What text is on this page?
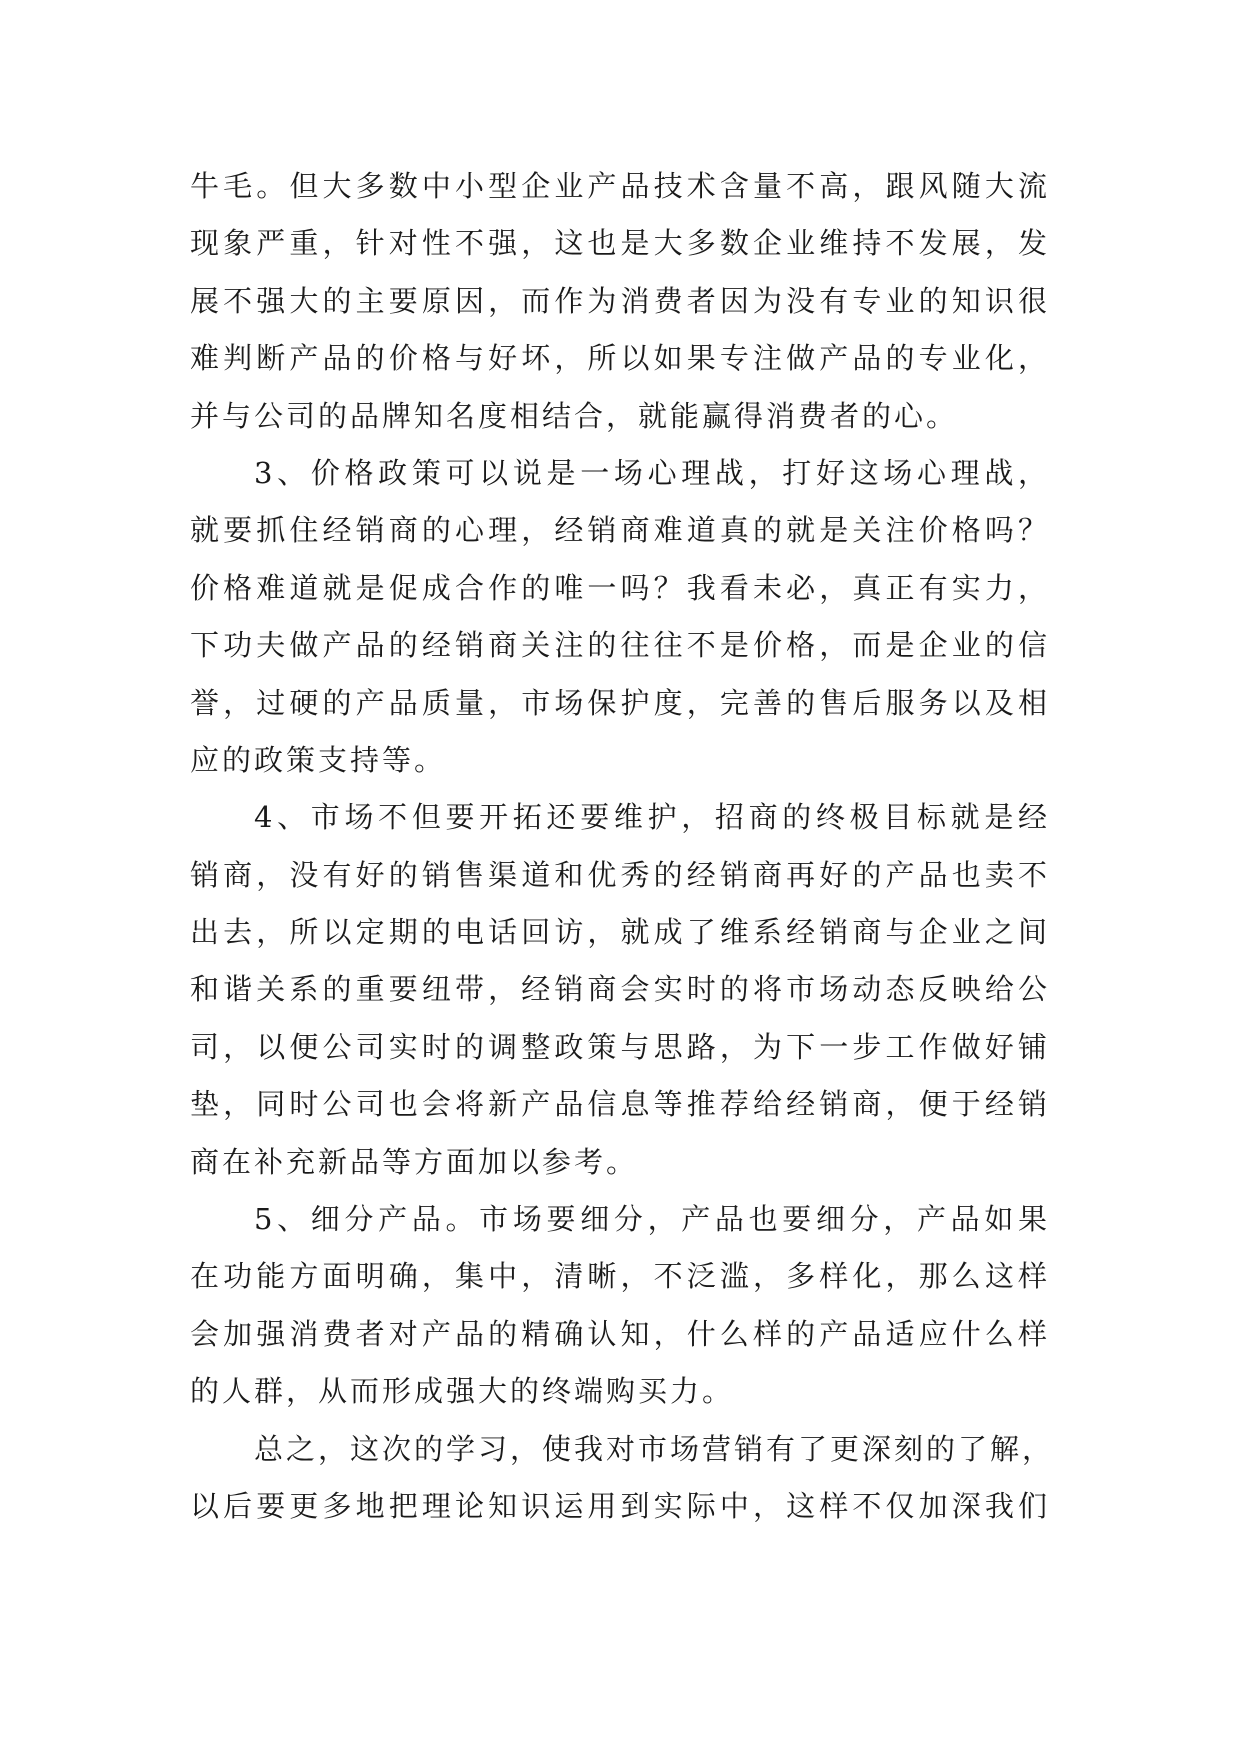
牛毛。但大多数中小型企业产品技术含量不高，跟风随大流
现象严重，针对性不强，这也是大多数企业维持不发展，发
展不强大的主要原因，而作为消费者因为没有专业的知识很
难判断产品的价格与好坏，所以如果专注做产品的专业化，
并与公司的品牌知名度相结合，就能赢得消费者的心。
3、价格政策可以说是一场心理战，打好这场心理战，
就要抓住经销商的心理，经销商难道真的就是关注价格吗？
价格难道就是促成合作的唯一吗？我看未必，真正有实力，
下功夫做产品的经销商关注的往往不是价格，而是企业的信
誉，过硬的产品质量，市场保护度，完善的售后服务以及相
应的政策支持等。
4、市场不但要开拓还要维护，招商的终极目标就是经
销商，没有好的销售渠道和优秀的经销商再好的产品也卖不
出去，所以定期的电话回访，就成了维系经销商与企业之间
和谐关系的重要纽带，经销商会实时的将市场动态反映给公
司，以便公司实时的调整政策与思路，为下一步工作做好铺
垫，同时公司也会将新产品信息等推荐给经销商，便于经销
商在补充新品等方面加以参考。
5、细分产品。市场要细分，产品也要细分，产品如果
在功能方面明确，集中，清晰，不泛滥，多样化，那么这样
会加强消费者对产品的精确认知，什么样的产品适应什么样
的人群，从而形成强大的终端购买力。
总之，这次的学习，使我对市场营销有了更深刻的了解，
以后要更多地把理论知识运用到实际中，这样不仅加深我们
